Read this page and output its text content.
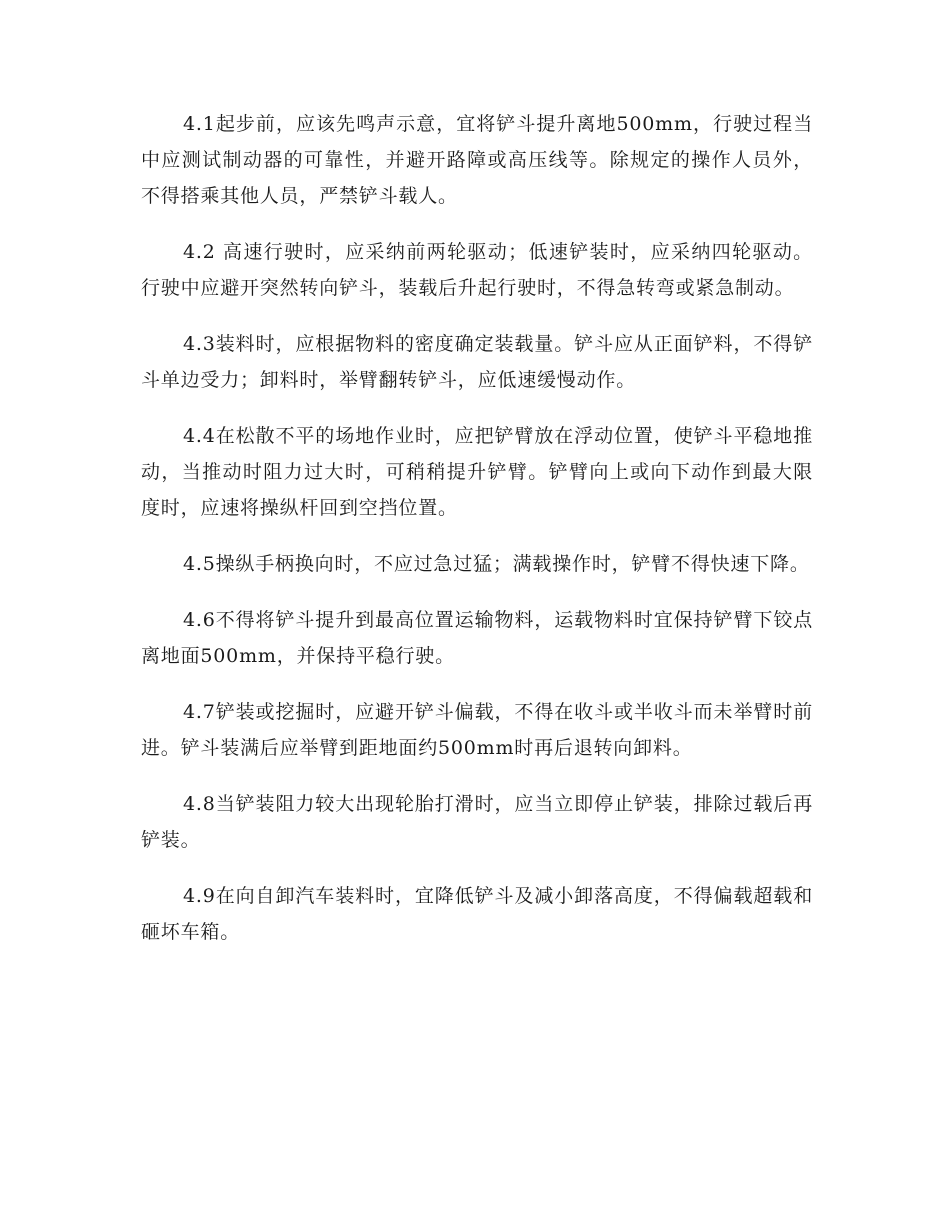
4.1起步前，应该先鸣声示意，宜将铲斗提升离地500mm，行驶过程当中应测试制动器的可靠性，并避开路障或高压线等。除规定的操作人员外，不得搭乘其他人员，严禁铲斗载人。

4.2 高速行驶时，应采纳前两轮驱动；低速铲装时，应采纳四轮驱动。行驶中应避开突然转向铲斗，装载后升起行驶时，不得急转弯或紧急制动。

4.3装料时，应根据物料的密度确定装载量。铲斗应从正面铲料，不得铲斗单边受力；卸料时，举臂翻转铲斗，应低速缓慢动作。

4.4在松散不平的场地作业时，应把铲臂放在浮动位置，使铲斗平稳地推动，当推动时阻力过大时，可稍稍提升铲臂。铲臂向上或向下动作到最大限度时，应速将操纵杆回到空挡位置。

4.5操纵手柄换向时，不应过急过猛；满载操作时，铲臂不得快速下降。

4.6不得将铲斗提升到最高位置运输物料，运载物料时宜保持铲臂下铰点离地面500mm，并保持平稳行驶。

4.7铲装或挖掘时，应避开铲斗偏载，不得在收斗或半收斗而未举臂时前进。铲斗装满后应举臂到距地面约500mm时再后退转向卸料。

4.8当铲装阻力较大出现轮胎打滑时，应当立即停止铲装，排除过载后再铲装。

4.9在向自卸汽车装料时，宜降低铲斗及减小卸落高度，不得偏载超载和砸坏车箱。
